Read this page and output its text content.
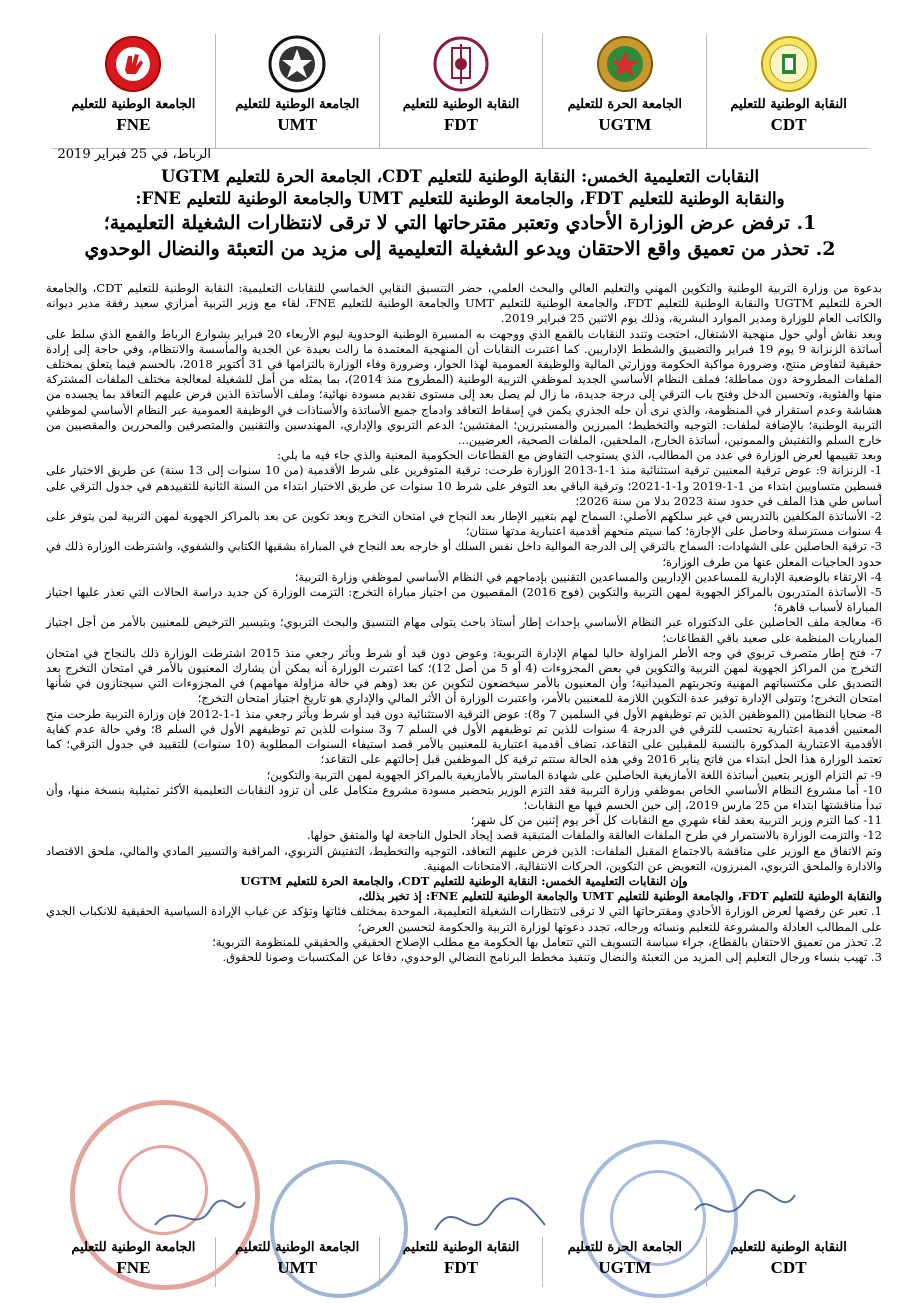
النقابة الوطنية للتعليم
CDT
الجامعة الحرة للتعليم
UGTM
النقابة الوطنية للتعليم
FDT
الجامعة الوطنية للتعليم
UMT
الجامعة الوطنية للتعليم
FNE
الرباط، في 25 فبراير 2019
النقابات التعليمية الخمس: النقابة الوطنية للتعليم CDT، الجامعة الحرة للتعليم UGTM
والنقابة الوطنية للتعليم FDT، والجامعة الوطنية للتعليم UMT والجامعة الوطنية للتعليم FNE:
1. ترفض عرض الوزارة الأحادي وتعتبر مقترحاتها التي لا ترقى لانتظارات الشغيلة التعليمية؛
2. تحذر من تعميق واقع الاحتقان ويدعو الشغيلة التعليمية إلى مزيد من التعبئة والنضال الوحدوي

بدعوة من وزارة التربية الوطنية والتكوين المهني والتعليم العالي والبحث العلمي، حضر التنسيق النقابي الخماسي للنقابات التعليمية: النقابة الوطنية للتعليم CDT، والجامعة الحرة للتعليم UGTM والنقابة الوطنية للتعليم FDT، والجامعة الوطنية للتعليم UMT والجامعة الوطنية للتعليم FNE، لقاء مع وزير التربية أمزازي سعيد رفقة مدير ديوانه والكاتب العام للوزارة ومدير الموارد البشرية، وذلك يوم الاثنين 25 فبراير 2019.

وبعد نقاش أولي حول منهجية الاشتغال، احتجت وتندد النقابات بالقمع الذي ووجهت به المسيرة الوطنية الوحدوية ليوم الأربعاء 20 فبراير بشوارع الرباط والقمع الذي سلط على أساتذة الزنزانة 9 يوم 19 فبراير والتضييق والشطط الإداريين. كما اعتبرت النقابات أن المنهجية المعتمدة ما زالت بعيدة عن الجدية والمأسسة والانتظام، وفي حاجة إلى إرادة حقيقية لتفاوض منتج، وضرورة مواكبة الحكومة ووزارتي المالية والوظيفة العمومية لهذا الحوار، وضرورة وفاء الوزارة بالتزامها في 31 أكتوبر 2018، بالحسم فيما يتعلق بمختلف الملفات المطروحة دون مماطلة؛ فملف النظام الأساسي الجديد لموظفي التربية الوطنية (المطروح منذ 2014)، بما يمثله من أمل للشغيلة لمعالجة مختلف الملفات المشتركة منها والفئوية، وتحسين الدخل وفتح باب الترقي إلى درجة جديدة، ما زال لم يصل بعد إلى مستوى تقديم مسودة نهائية؛ وملف الأساتذة الذين فرض عليهم التعاقد بما يجسده من هشاشة وعدم استقرار في المنظومة، والذي نرى أن حله الجذري يكمن في إسقاط التعاقد وادماج جميع الأساتذة والأستاذات في الوظيفة العمومية عبر النظام الأساسي لموظفي التربية الوطنية؛ بالإضافة لملفات: التوجيه والتخطيط؛ المبرزين والمستبرزين؛ المفتشين؛ الدعم التربوي والإداري، المهندسين والتقنيين والمتصرفين والمحررين والمقصيين من خارج السلم والتفتيش والممونين، أساتذة الخارج، الملحقين، الملفات الصحية، العرضيين...

وبعد تقييمها لعرض الوزارة في عدد من المطالب، الذي يستوجب التفاوض مع القطاعات الحكومية المعنية والذي جاء فيه ما يلي:

1- الزنزانة 9: عوض ترقية المعنيين ترقية استثنائية منذ 1-1-2013 الوزارة طرحت: ترقية المتوفرين على شرط الأقدمية (من 10 سنوات إلى 13 سنة) عن طريق الاختيار على قسطين متساويين ابتداء من 1-1-2019 و1-1-2021؛ وترقية الباقي بعد التوفر على شرط 10 سنوات عن طريق الاختيار ابتداء من السنة الثانية للتقييدهم في جدول الترقي على أساس طي هذا الملف في حدود سنة 2023 بدلا من سنة 2026؛

2- الأساتذة المكلفين بالتدريس في غير سلكهم الأصلي: السماح لهم بتغيير الإطار بعد النجاح في امتحان التخرج وبعد تكوين عن بعد بالمراكز الجهوية لمهن التربية لمن يتوفر على 4 سنوات مسترسلة وحاصل على الإجازة؛ كما سيتم منحهم أقدمية اعتبارية مدتها سنتان؛

3- ترقية الحاصلين على الشهادات: السماح بالترقي إلى الدرجة الموالية داخل نفس السلك أو خارجه بعد النجاح في المباراة بشقيها الكتابي والشفوي، واشترطت الوزارة ذلك في حدود الحاجيات المعلن عنها من طرف الوزارة؛

4- الارتقاء بالوضعية الإدارية للمساعدين الإداريين والمساعدين التقنيين بإدماجهم في النظام الأساسي لموظفي وزارة التربية؛

5- الأساتذة المتدربون بالمراكز الجهوية لمهن التربية والتكوين (فوج 2016) المقصيون من اجتياز مباراة التخرج: التزمت الوزارة كن جديد دراسة الحالات التي تعذر عليها اجتياز المباراة لأسباب قاهرة؛

6- معالجة ملف الحاصلين على الدكتوراه عبر النظام الأساسي بإحداث إطار أستاذ باحث يتولى مهام التنسيق والبحث التربوي؛ وبتيسير الترخيص للمعنيين بالأمر من أجل اجتياز المباريات المنظمة على صعيد باقي القطاعات؛

7- فتح إطار متصرف تربوي في وجه الأطر المزاولة حاليا لمهام الإدارة التربوية: وعوض دون قيد أو شرط وبأثر رجعي منذ 2015 اشترطت الوزارة ذلك بالنجاح في امتحان التخرج من المراكز الجهوية لمهن التربية والتكوين في بعض المجزوءات (4 أو 5 من أصل 12)؛ كما اعتبرت الوزارة أنه يمكن أن يشارك المعنيون بالأمر في امتحان التخرج بعد التصديق على مكتسباتهم المهنية وتجربتهم الميدانية؛ وأن المعنيون بالأمر سيخضعون لتكوين عن بعد (وهم في حالة مزاولة مهامهم) في المجزوءات التي سيجتازون في شأنها امتحان التخرج؛ وتتولى الإدارة توفير عدة التكوين اللازمة للمعنيين بالأمر، واعتبرت الوزارة أن الأثر المالي والإداري هو تاريخ اجتياز امتحان التخرج؛

8- ضحايا النظامين (الموظفين الذين تم توظيفهم الأول في السلمين 7 و8): عوض الترقية الاستثنائية دون قيد أو شرط وبأثر رجعي منذ 1-1-2012 فإن وزارة التربية طرحت منح المعنيين أقدمية اعتبارية تحتسب للترقي في الدرجة 4 سنوات للذين تم توظيفهم الأول في السلم 7 و3 سنوات للذين تم توظيفهم الأول في السلم 8؛ وفي حالة عدم كفاية الأقدمية الاعتبارية المذكورة بالنسبة للمقبلين على التقاعد، تضاف أقدمية اعتبارية للمعنيين بالأمر قصد استيفاء السنوات المطلوبة (10 سنوات) للتقييد في جدول الترقي؛ كما تعتمد الوزارة هذا الحل ابتداء من فاتح يناير 2016 وفي هذه الحالة ستتم ترقية كل الموظفين قبل إحالتهم على التقاعد؛

9- تم التزام الوزير بتعيين أساتذة اللغة الأمازيغية الحاصلين على شهادة الماستر بالأمازيغية بالمراكز الجهوية لمهن التربية والتكوين؛

10- أما مشروع النظام الأساسي الخاص بموظفي وزارة التربية فقد التزم الوزير بتحضير مسودة مشروع متكامل على أن تزود النقابات التعليمية الأكثر تمثيلية بنسخة منها، وأن تبدأ مناقشتها ابتداء من 25 مارس 2019، إلى حين الحسم فيها مع النقابات؛

11- كما التزم وزير التربية بعقد لقاء شهري مع النقابات كل آخر يوم إثنين من كل شهر؛

12- والتزمت الوزارة بالاستمرار في طرح الملفات العالقة والملفات المتبقية قصد إيجاد الحلول الناجعة لها والمتفق حولها.

وتم الاتفاق مع الوزير على مناقشة بالاجتماع المقبل الملفات: الذين فرض عليهم التعاقد، التوجيه والتخطيط، التفتيش التربوي، المراقبة والتسيير المادي والمالي، ملحق الاقتصاد والادارة والملحق التربوي، المبرزون، التعويض عن التكوين، الحركات الانتقالية، الامتحانات المهنية.

وإن النقابات التعليمية الخمس: النقابة الوطنية للتعليم CDT، والجامعة الحرة للتعليم UGTM

والنقابة الوطنية للتعليم FDT، والجامعة الوطنية للتعليم UMT والجامعة الوطنية للتعليم FNE: إذ تخبر بذلك،

1. تعبر عن رفضها لعرض الوزارة الأحادي ومقترحاتها التي لا ترقى لانتظارات الشغيلة التعليمية، الموحدة بمختلف فئاتها وتؤكد عن غياب الإرادة السياسية الحقيقية للانكباب الجدي على المطالب العادلة والمشروعة للتعليم ونسائه ورجاله، تجدد دعوتها لوزارة التربية والحكومة لتحسين العرض؛

2. تحذر من تعميق الاحتقان بالقطاع، جراء سياسة التسويف التي تتعامل بها الحكومة مع مطلب الإصلاح الحقيقي والحقيقي للمنظومة التربوية؛

3. تهيب بنساء ورجال التعليم إلى المزيد من التعبئة والنضال وتنفيذ مخطط البرنامج النضالي الوحدوي، دفاعا عن المكتسبات وصونا للحقوق.

النقابة الوطنية للتعليم
CDT
الجامعة الحرة للتعليم
UGTM
النقابة الوطنية للتعليم
FDT
الجامعة الوطنية للتعليم
UMT
الجامعة الوطنية للتعليم
FNE
